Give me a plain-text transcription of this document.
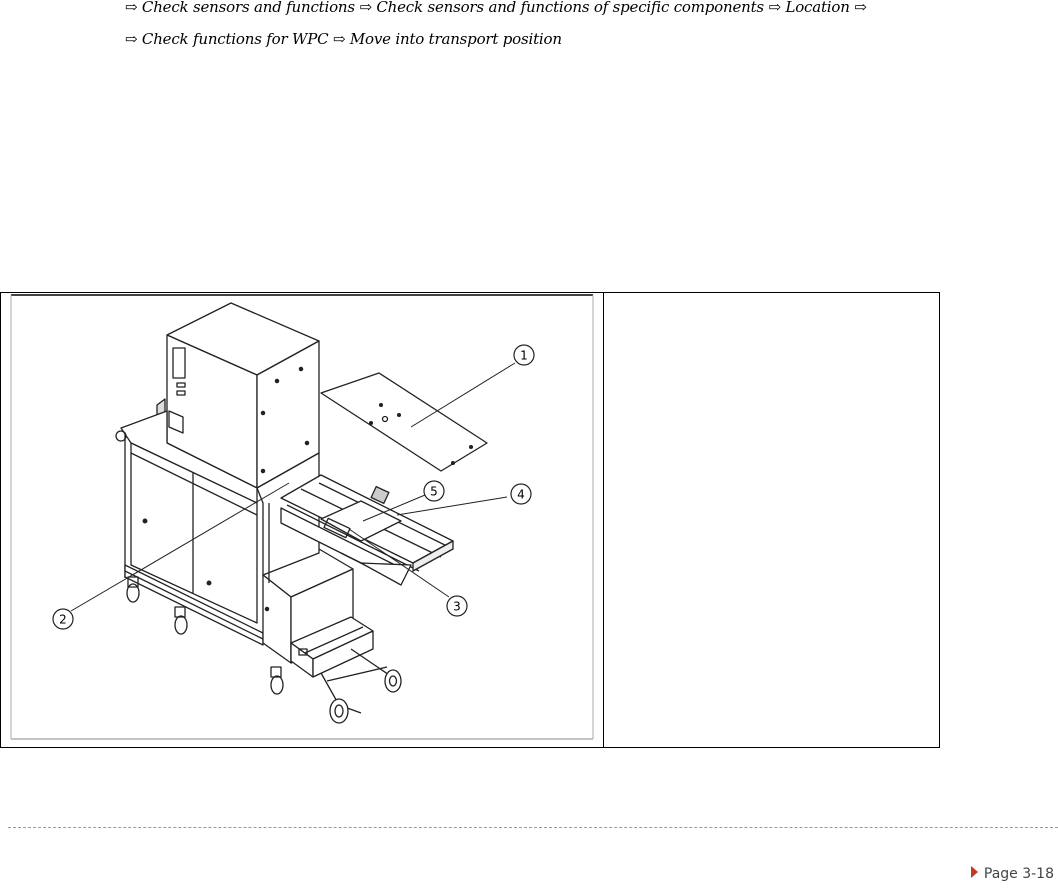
⇨ Check sensors and functions ⇨ Check sensors and functions of specific components ⇨ Location ⇨
⇨ Check functions for WPC ⇨ Move into transport position
1
2
3
4
5
Page 3-18
